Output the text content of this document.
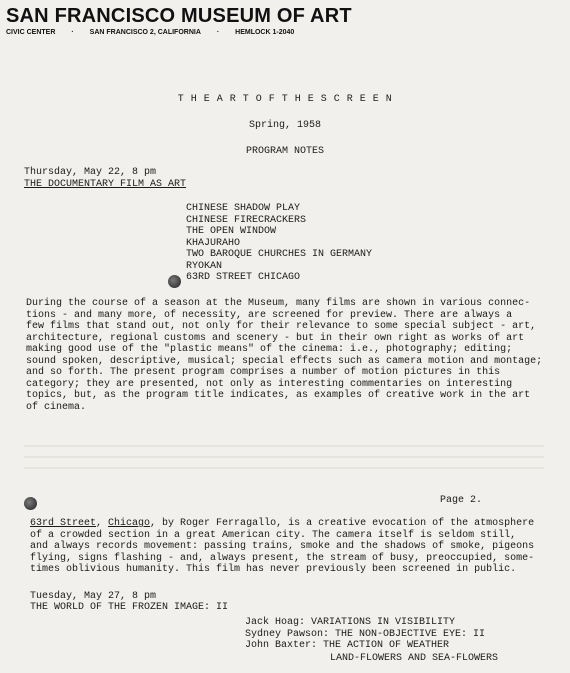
SAN FRANCISCO MUSEUM OF ART
CIVIC CENTER · SAN FRANCISCO 2, CALIFORNIA · HEMLOCK 1-2040
T H E A R T O F T H E S C R E E N
Spring, 1958
PROGRAM NOTES
Thursday, May 22, 8 pm
THE DOCUMENTARY FILM AS ART
CHINESE SHADOW PLAY
CHINESE FIRECRACKERS
THE OPEN WINDOW
KHAJURAHO
TWO BAROQUE CHURCHES IN GERMANY
RYOKAN
63RD STREET CHICAGO
During the course of a season at the Museum, many films are shown in various connec-
tions - and many more, of necessity, are screened for preview. There are always a
few films that stand out, not only for their relevance to some special subject - art,
architecture, regional customs and scenery - but in their own right as works of art
making good use of the "plastic means" of the cinema: i.e., photography; editing;
sound spoken, descriptive, musical; special effects such as camera motion and montage;
and so forth. The present program comprises a number of motion pictures in this
category; they are presented, not only as interesting commentaries on interesting
topics, but, as the program title indicates, as examples of creative work in the art
of cinema.
Page 2.
63rd Street, Chicago, by Roger Ferragallo, is a creative evocation of the atmosphere
of a crowded section in a great American city. The camera itself is seldom still,
and always records movement: passing trains, smoke and the shadows of smoke, pigeons
flying, signs flashing - and, always present, the stream of busy, preoccupied, some-
times oblivious humanity. This film has never previously been screened in public.
Tuesday, May 27, 8 pm
THE WORLD OF THE FROZEN IMAGE: II
Jack Hoag: VARIATIONS IN VISIBILITY
Sydney Pawson: THE NON-OBJECTIVE EYE: II
John Baxter: THE ACTION OF WEATHER
LAND-FLOWERS AND SEA-FLOWERS
